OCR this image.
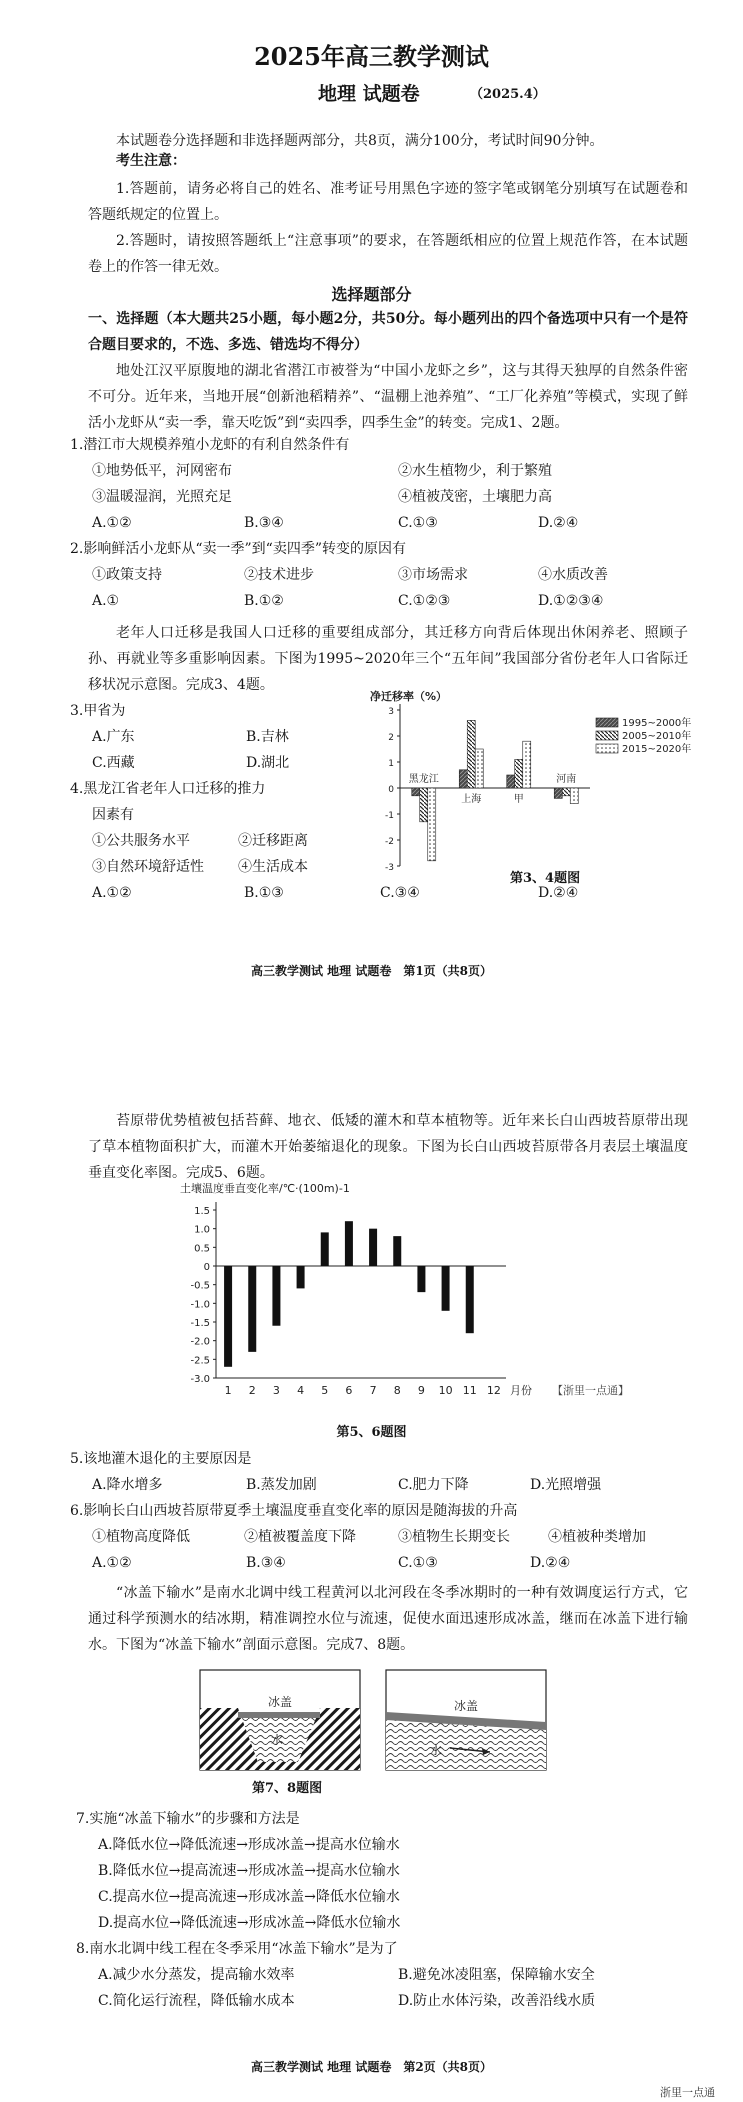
2025年高三教学测试
地理 试题卷	（2025.4）
本试题卷分选择题和非选择题两部分，共8页，满分100分，考试时间90分钟。
考生注意：
1.答题前，请务必将自己的姓名、准考证号用黑色字迹的签字笔或钢笔分别填写在试题卷和答题纸规定的位置上。
2.答题时，请按照答题纸上“注意事项”的要求，在答题纸相应的位置上规范作答，在本试题卷上的作答一律无效。
选择题部分
一、选择题（本大题共25小题，每小题2分，共50分。每小题列出的四个备选项中只有一个是符合题目要求的，不选、多选、错选均不得分）
地处江汉平原腹地的湖北省潜江市被誉为“中国小龙虾之乡”，这与其得天独厚的自然条件密不可分。近年来，当地开展“创新池稻精养”、“温棚上池养殖”、“工厂化养殖”等模式，实现了鲜活小龙虾从“卖一季，靠天吃饭”到“卖四季，四季生金”的转变。完成1、2题。
1.潜江市大规模养殖小龙虾的有利自然条件有
①地势低平，河网密布	②水生植物少，利于繁殖
③温暖湿润，光照充足	④植被茂密，土壤肥力高
A.①②	B.③④	C.①③	D.②④
2.影响鲜活小龙虾从“卖一季”到“卖四季”转变的原因有
①政策支持	②技术进步	③市场需求	④水质改善
A.①	B.①②	C.①②③	D.①②③④
老年人口迁移是我国人口迁移的重要组成部分，其迁移方向背后体现出休闲养老、照顾子孙、再就业等多重影响因素。下图为1995~2020年三个“五年间”我国部分省份老年人口省际迁移状况示意图。完成3、4题。
3.甲省为
A.广东	B.吉林
C.西藏	D.湖北
4.黑龙江省老年人口迁移的推力
因素有
①公共服务水平	②迁移距离
③自然环境舒适性 ④生活成本
A.①②	B.①③	C.③④	D.②④
净迁移率（%）
3
2
1
0
-1
-2
-3
黑龙江
上海	甲
河南
1995~2000年
2005~2010年
2015~2020年
第3、4题图
高三教学测试 地理 试题卷　第1页（共8页）
苔原带优势植被包括苔藓、地衣、低矮的灌木和草本植物等。近年来长白山西坡苔原带出现了草本植物面积扩大，而灌木开始萎缩退化的现象。下图为长白山西坡苔原带各月表层土壤温度垂直变化率图。完成5、6题。
土壤温度垂直变化率/℃·(100m)-1
1.5
1.0
0.5
0
-0.5
-1.0
-1.5
-2.0
-2.5
-3.0
1 2 3 4 5 6 7 8 9 10 11 12 月份 【浙里一点通】
第5、6题图
5.该地灌木退化的主要原因是
A.降水增多	B.蒸发加剧	C.肥力下降	D.光照增强
6.影响长白山西坡苔原带夏季土壤温度垂直变化率的原因是随海拔的升高
①植物高度降低	②植被覆盖度下降	③植物生长期变长	④植被种类增加
A.①②	B.③④	C.①③	D.②④
“冰盖下输水”是南水北调中线工程黄河以北河段在冬季冰期时的一种有效调度运行方式，它通过科学预测水的结冰期，精准调控水位与流速，促使水面迅速形成冰盖，继而在冰盖下进行输水。下图为“冰盖下输水”剖面示意图。完成7、8题。
冰盖
水
冰盖
水
第7、8题图
7.实施“冰盖下输水”的步骤和方法是
A.降低水位→降低流速→形成冰盖→提高水位输水
B.降低水位→提高流速→形成冰盖→提高水位输水
C.提高水位→提高流速→形成冰盖→降低水位输水
D.提高水位→降低流速→形成冰盖→降低水位输水
8.南水北调中线工程在冬季采用“冰盖下输水”是为了
A.减少水分蒸发，提高输水效率	B.避免冰凌阻塞，保障输水安全
C.简化运行流程，降低输水成本	D.防止水体污染，改善沿线水质
高三教学测试 地理 试题卷　第2页（共8页）
浙里一点通
